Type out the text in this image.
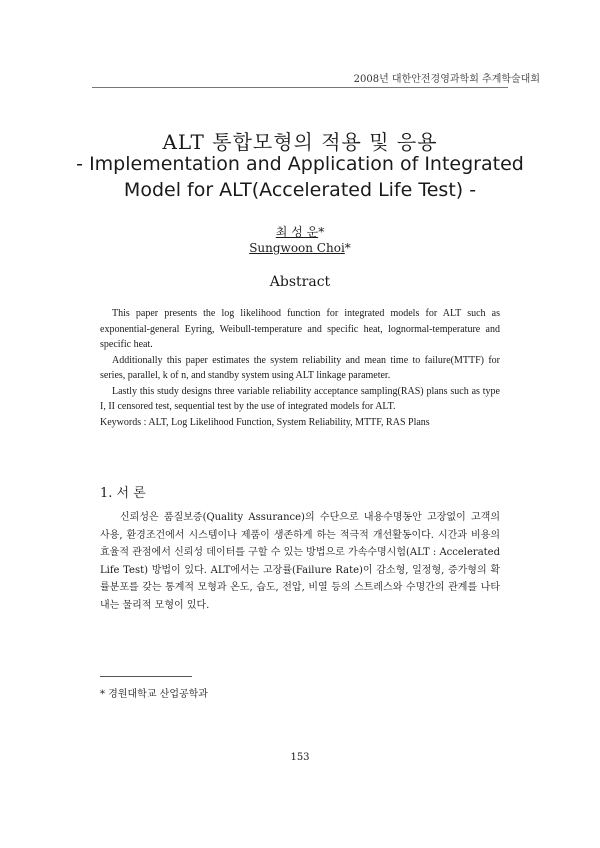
2008년 대한안전경영과학회 추계학술대회
ALT 통합모형의 적용 및 응용
- Implementation and Application of Integrated
Model for ALT(Accelerated Life Test) -
최 성 운*
Sungwoon Choi*
Abstract

This paper presents the log likelihood function for integrated models for ALT such as exponential-general Eyring, Weibull-temperature and specific heat, lognormal-temperature and specific heat.

Additionally this paper estimates the system reliability and mean time to failure(MTTF) for series, parallel, k of n, and standby system using ALT linkage parameter.

Lastly this study designs three variable reliability acceptance sampling(RAS) plans such as type I, II censored test, sequential test by the use of integrated models for ALT.

Keywords : ALT, Log Likelihood Function, System Reliability, MTTF, RAS Plans

1. 서 론
신뢰성은 품질보증(Quality Assurance)의 수단으로 내용수명동안 고장없이 고객의 사용, 환경조건에서 시스템이나 제품이 생존하게 하는 적극적 개선활동이다. 시간과 비용의 효율적 관점에서 신뢰성 데이터를 구할 수 있는 방법으로 가속수명시험(ALT : Accelerated Life Test) 방법이 있다. ALT에서는 고장률(Failure Rate)이 감소형, 일정형, 증가형의 확률분포를 갖는 통계적 모형과 온도, 습도, 전압, 비열 등의 스트레스와 수명간의 관계를 나타내는 물리적 모형이 있다.
* 경원대학교 산업공학과
153
